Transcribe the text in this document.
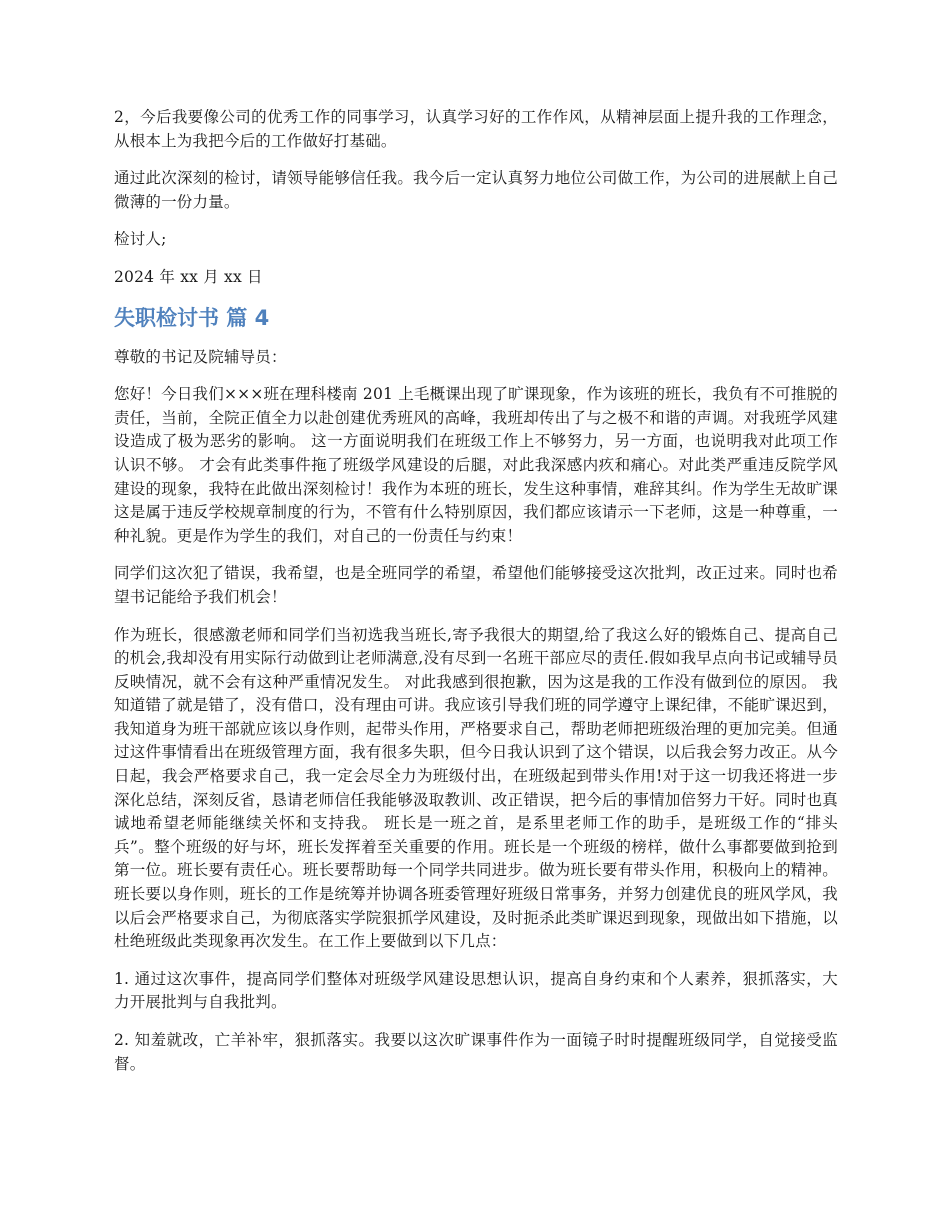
2，今后我要像公司的优秀工作的同事学习，认真学习好的工作作风，从精神层面上提升我的工作理念，从根本上为我把今后的工作做好打基础。

通过此次深刻的检讨，请领导能够信任我。我今后一定认真努力地位公司做工作，为公司的进展献上自己微薄的一份力量。

检讨人;

2024 年 xx 月 xx 日

失职检讨书 篇 4

尊敬的书记及院辅导员：

您好！今日我们×××班在理科楼南 201 上毛概课出现了旷课现象，作为该班的班长，我负有不可推脱的责任，当前，全院正值全力以赴创建优秀班风的高峰，我班却传出了与之极不和谐的声调。对我班学风建设造成了极为恶劣的影响。 这一方面说明我们在班级工作上不够努力，另一方面，也说明我对此项工作认识不够。 才会有此类事件拖了班级学风建设的后腿，对此我深感内疚和痛心。对此类严重违反院学风建设的现象，我特在此做出深刻检讨！我作为本班的班长，发生这种事情，难辞其纠。作为学生无故旷课这是属于违反学校规章制度的行为，不管有什么特别原因，我们都应该请示一下老师，这是一种尊重，一种礼貌。更是作为学生的我们，对自己的一份责任与约束！

同学们这次犯了错误，我希望，也是全班同学的希望，希望他们能够接受这次批判，改正过来。同时也希望书记能给予我们机会！

作为班长，很感激老师和同学们当初选我当班长,寄予我很大的期望,给了我这么好的锻炼自己、提高自己的机会,我却没有用实际行动做到让老师满意,没有尽到一名班干部应尽的责任.假如我早点向书记或辅导员反映情况，就不会有这种严重情况发生。 对此我感到很抱歉，因为这是我的工作没有做到位的原因。 我知道错了就是错了，没有借口，没有理由可讲。我应该引导我们班的同学遵守上课纪律，不能旷课迟到，我知道身为班干部就应该以身作则，起带头作用，严格要求自己，帮助老师把班级治理的更加完美。但通过这件事情看出在班级管理方面，我有很多失职，但今日我认识到了这个错误，以后我会努力改正。从今日起，我会严格要求自己，我一定会尽全力为班级付出，在班级起到带头作用!对于这一切我还将进一步深化总结，深刻反省，恳请老师信任我能够汲取教训、改正错误，把今后的事情加倍努力干好。同时也真诚地希望老师能继续关怀和支持我。 班长是一班之首，是系里老师工作的助手，是班级工作的“排头兵”。整个班级的好与坏，班长发挥着至关重要的作用。班长是一个班级的榜样，做什么事都要做到抢到第一位。班长要有责任心。班长要帮助每一个同学共同进步。做为班长要有带头作用，积极向上的精神。班长要以身作则，班长的工作是统筹并协调各班委管理好班级日常事务，并努力创建优良的班风学风，我以后会严格要求自己，为彻底落实学院狠抓学风建设，及时扼杀此类旷课迟到现象，现做出如下措施，以杜绝班级此类现象再次发生。在工作上要做到以下几点：

1. 通过这次事件，提高同学们整体对班级学风建设思想认识，提高自身约束和个人素养，狠抓落实，大力开展批判与自我批判。

2. 知羞就改，亡羊补牢，狠抓落实。我要以这次旷课事件作为一面镜子时时提醒班级同学，自觉接受监督。
